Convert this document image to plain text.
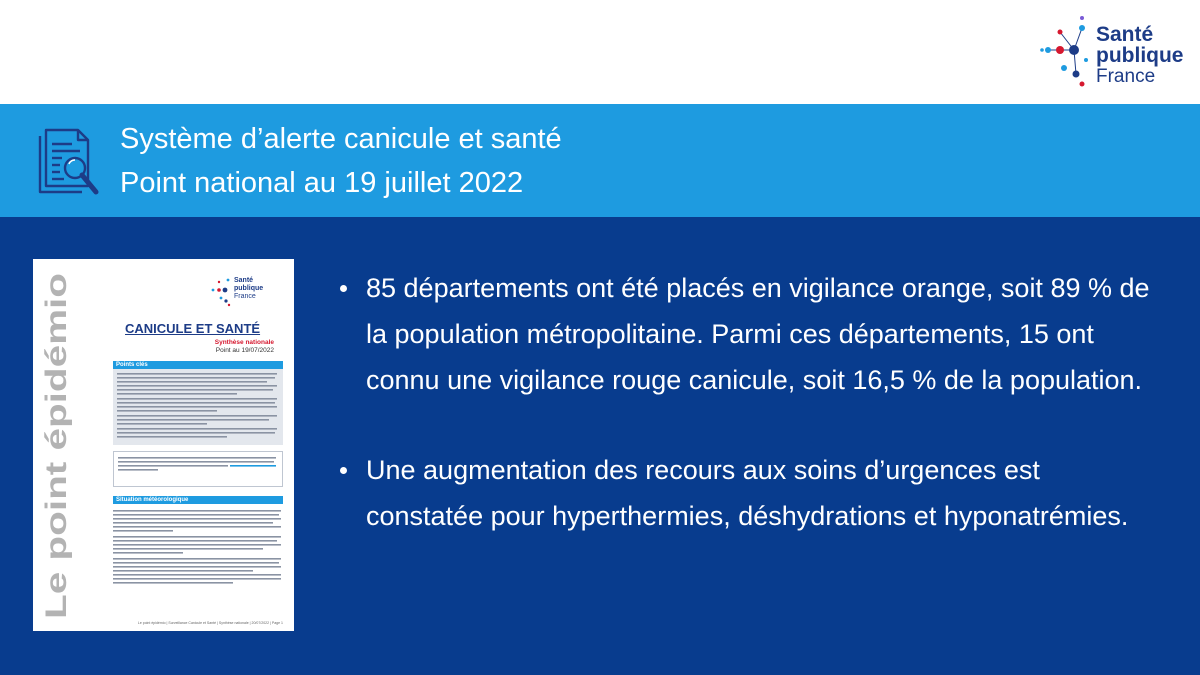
Santé
publique
France
Système d’alerte canicule et santé
Point national au 19 juillet 2022
Le point épidémio
Santé
publique
France
CANICULE ET SANTÉ
Synthèse nationale
Point au 19/07/2022
Points clés
Situation météorologique
Le point épidémio | Surveillance Canicule et Santé | Synthèse nationale | 20/07/2022 | Page 1
85 départements ont été placés en vigilance orange, soit 89 % de la population métropolitaine. Parmi ces départements, 15 ont connu une vigilance rouge canicule, soit 16,5 % de la population.
Une augmentation des recours aux soins d’urgences est constatée pour hyperthermies, déshydrations et hyponatrémies.
